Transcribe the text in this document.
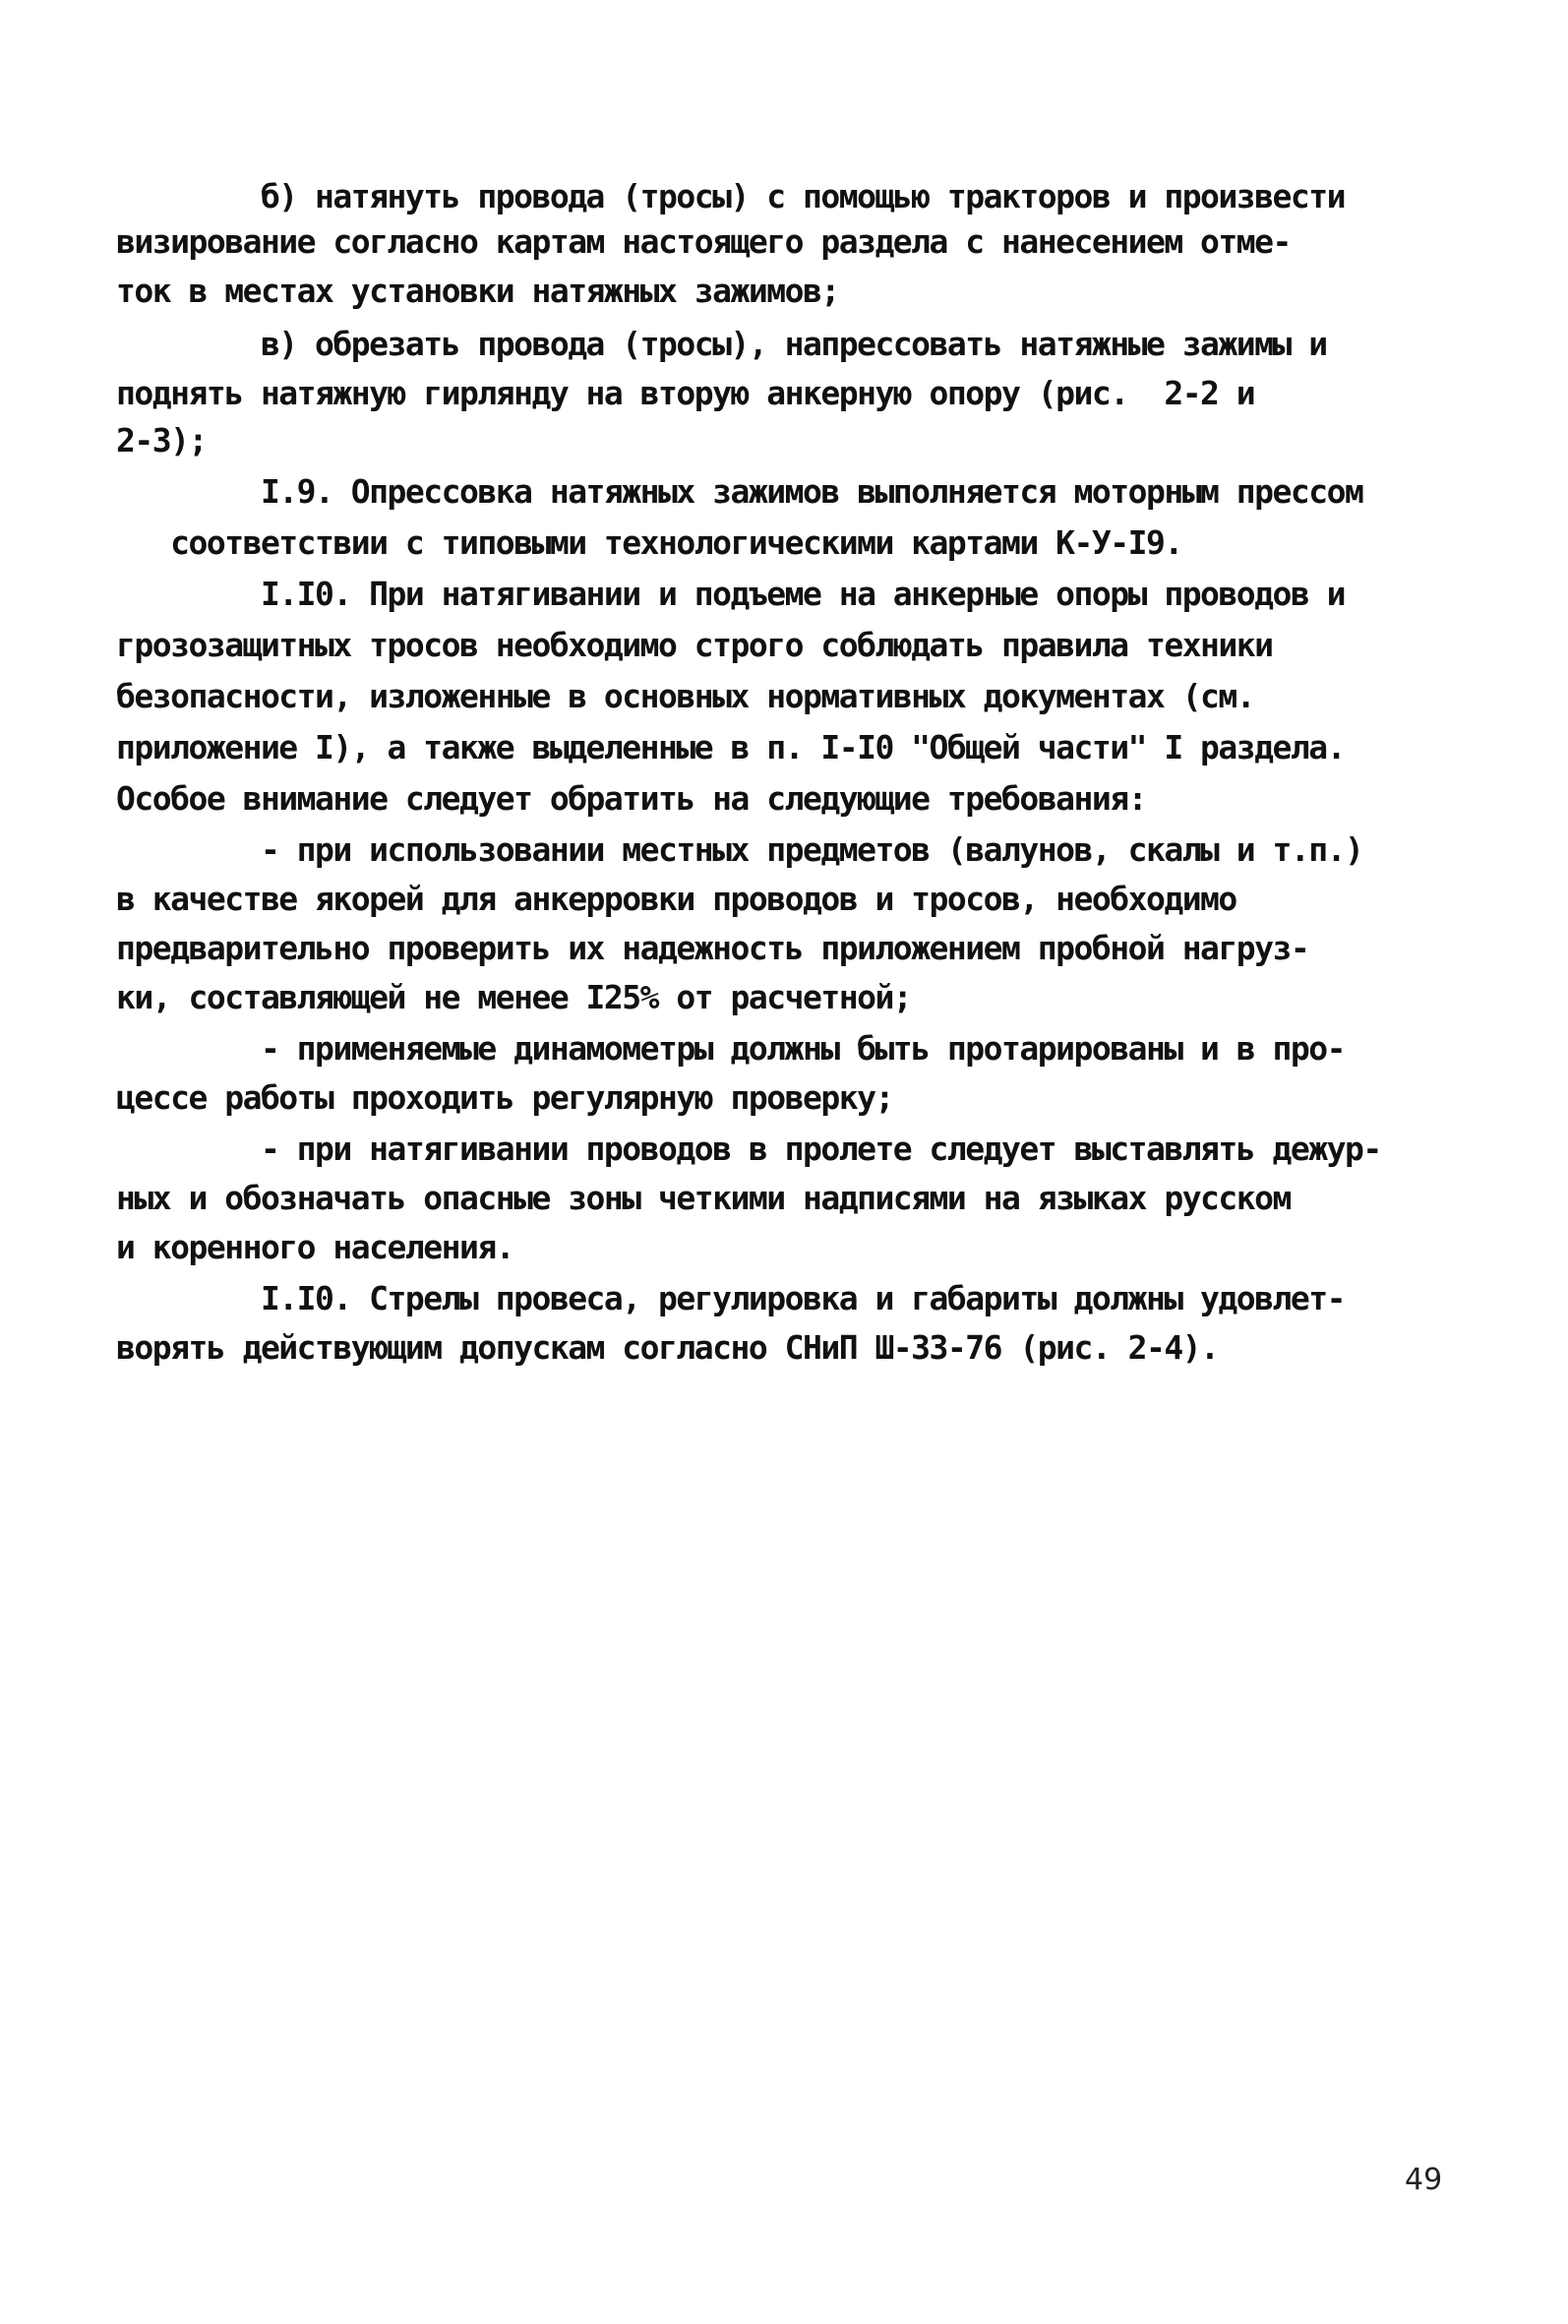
б) натянуть провода (тросы) с помощью тракторов и произвести
визирование согласно картам настоящего раздела с нанесением отме-
ток в местах установки натяжных зажимов;
в) обрезать провода (тросы), напрессовать натяжные зажимы и
поднять натяжную гирлянду на вторую анкерную опору (рис.  2-2 и
2-3);
I.9. Опрессовка натяжных зажимов выполняется моторным прессом
соответствии с типовыми технологическими картами К-У-I9.
I.I0. При натягивании и подъеме на анкерные опоры проводов и
грозозащитных тросов необходимо строго соблюдать правила техники
безопасности, изложенные в основных нормативных документах (см.
приложение I), а также выделенные в п. I-I0 "Общей части" I раздела.
Особое внимание следует обратить на следующие требования:
- при использовании местных предметов (валунов, скалы и т.п.)
в качестве якорей для анкерровки проводов и тросов, необходимо
предварительно проверить их надежность приложением пробной нагруз-
ки, составляющей не менее I25% от расчетной;
- применяемые динамометры должны быть протарированы и в про-
цессе работы проходить регулярную проверку;
- при натягивании проводов в пролете следует выставлять дежур-
ных и обозначать опасные зоны четкими надписями на языках русском
и коренного населения.
I.I0. Стрелы провеса, регулировка и габариты должны удовлет-
ворять действующим допускам согласно СНиП Ш-33-76 (рис. 2-4).
49
